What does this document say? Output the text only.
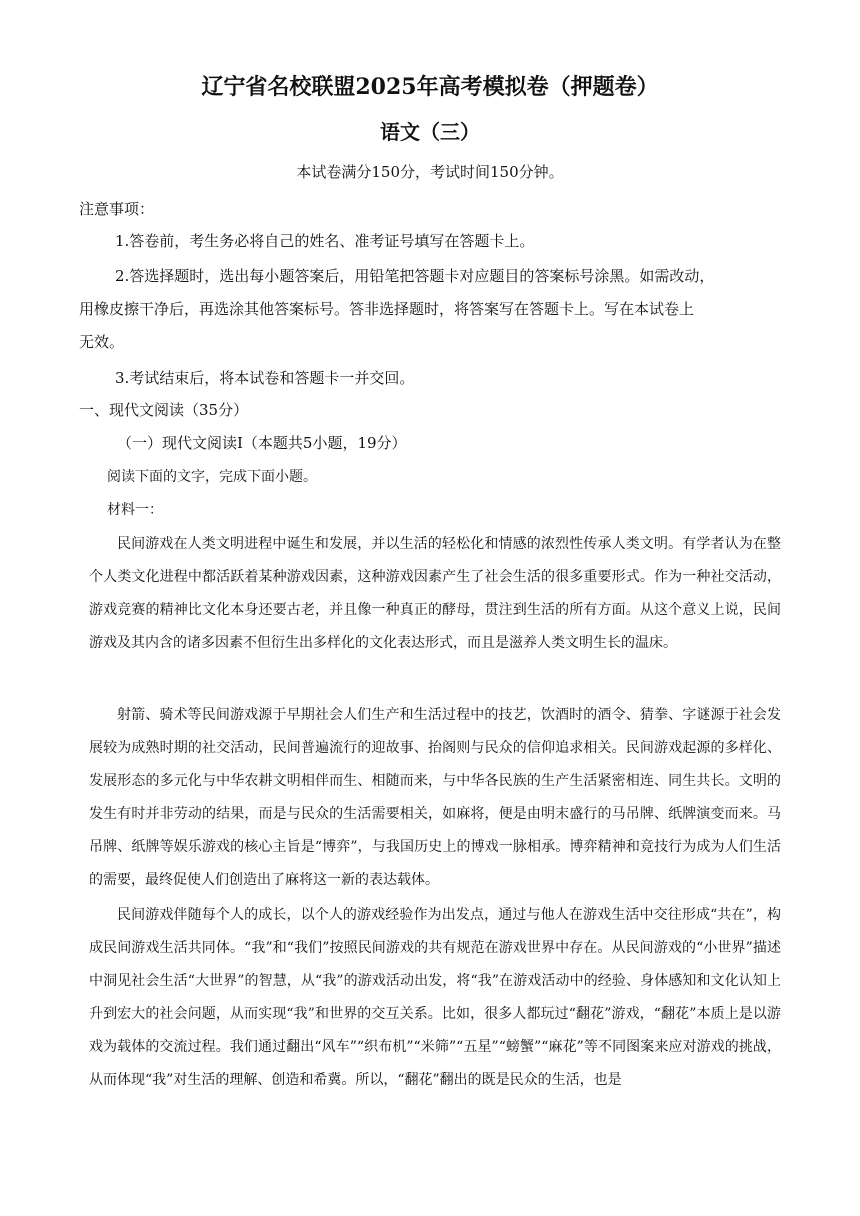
辽宁省名校联盟2025年高考模拟卷（押题卷）
语文（三）
本试卷满分150分，考试时间150分钟。
注意事项：
1.答卷前，考生务必将自己的姓名、准考证号填写在答题卡上。
2.答选择题时，选出每小题答案后，用铅笔把答题卡对应题目的答案标号涂黑。如需改动，
用橡皮擦干净后，再选涂其他答案标号。答非选择题时，将答案写在答题卡上。写在本试卷上
无效。
3.考试结束后，将本试卷和答题卡一并交回。
一、现代文阅读（35分）
（一）现代文阅读Ⅰ（本题共5小题，19分）
阅读下面的文字，完成下面小题。
材料一：

民间游戏在人类文明进程中诞生和发展，并以生活的轻松化和情感的浓烈性传承人类文明。有学者认为在整个人类文化进程中都活跃着某种游戏因素，这种游戏因素产生了社会生活的很多重要形式。作为一种社交活动，游戏竞赛的精神比文化本身还要古老，并且像一种真正的酵母，贯注到生活的所有方面。从这个意义上说，民间游戏及其内含的诸多因素不但衍生出多样化的文化表达形式，而且是滋养人类文明生长的温床。

射箭、骑术等民间游戏源于早期社会人们生产和生活过程中的技艺，饮酒时的酒令、猜拳、字谜源于社会发展较为成熟时期的社交活动，民间普遍流行的迎故事、抬阁则与民众的信仰追求相关。民间游戏起源的多样化、发展形态的多元化与中华农耕文明相伴而生、相随而来，与中华各民族的生产生活紧密相连、同生共长。文明的发生有时并非劳动的结果，而是与民众的生活需要相关，如麻将，便是由明末盛行的马吊牌、纸牌演变而来。马吊牌、纸牌等娱乐游戏的核心主旨是“博弈”，与我国历史上的博戏一脉相承。博弈精神和竞技行为成为人们生活的需要，最终促使人们创造出了麻将这一新的表达载体。

民间游戏伴随每个人的成长，以个人的游戏经验作为出发点，通过与他人在游戏生活中交往形成“共在”，构成民间游戏生活共同体。“我”和“我们”按照民间游戏的共有规范在游戏世界中存在。从民间游戏的“小世界”描述中洞见社会生活“大世界”的智慧，从“我”的游戏活动出发，将“我”在游戏活动中的经验、身体感知和文化认知上升到宏大的社会问题，从而实现“我”和世界的交互关系。比如，很多人都玩过“翻花”游戏，“翻花”本质上是以游戏为载体的交流过程。我们通过翻出“风车”“织布机”“米筛”“五星”“螃蟹”“麻花”等不同图案来应对游戏的挑战，从而体现“我”对生活的理解、创造和希冀。所以，“翻花”翻出的既是民众的生活，也是
